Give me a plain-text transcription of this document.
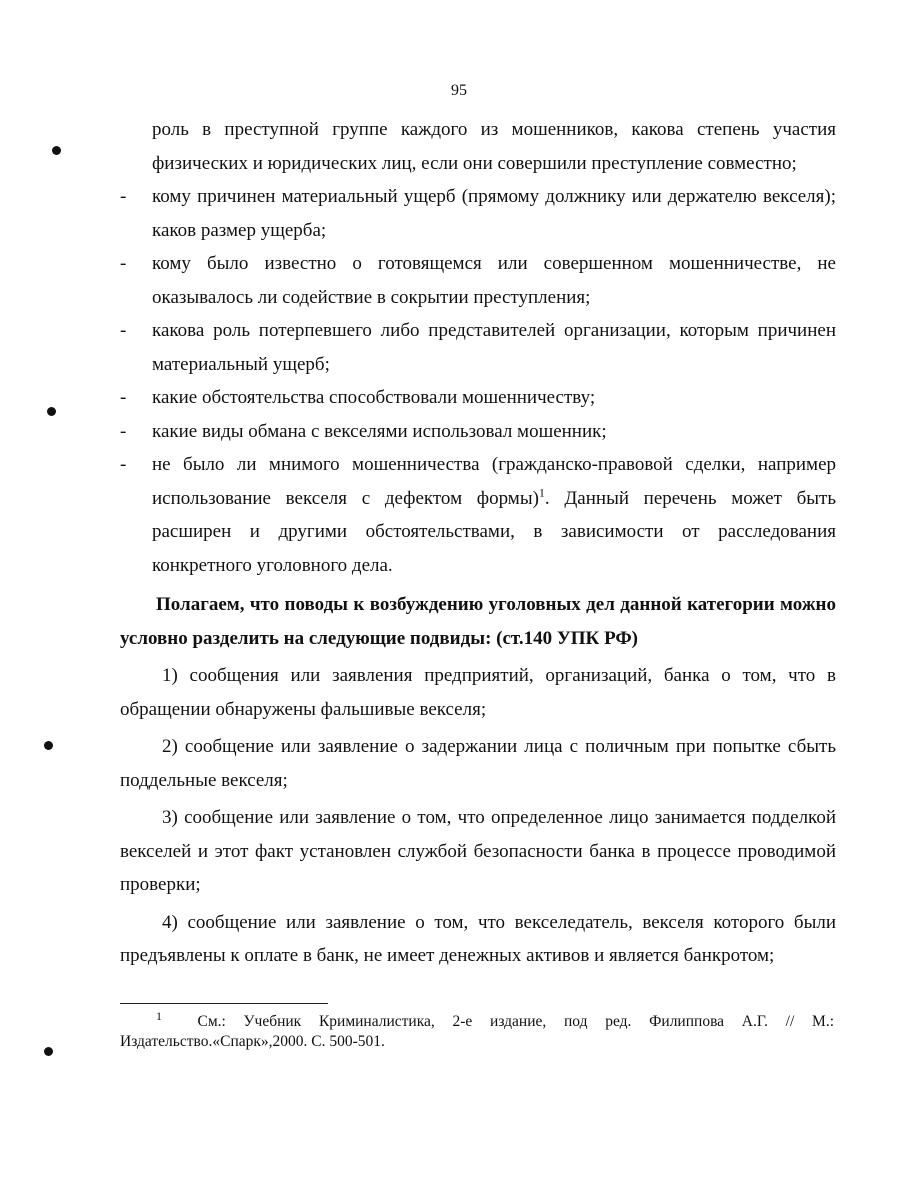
95
роль в преступной группе каждого из мошенников, какова степень участия физических и юридических лиц, если они совершили преступление совместно;
-	кому причинен материальный ущерб (прямому должнику или держателю векселя); каков размер ущерба;
-	кому было известно о готовящемся или совершенном мошенничестве, не оказывалось ли содействие в сокрытии преступления;
-	какова роль потерпевшего либо представителей организации, которым причинен материальный ущерб;
-	какие обстоятельства способствовали мошенничеству;
-	какие виды обмана с векселями использовал мошенник;
-	не было ли мнимого мошенничества (гражданско-правовой сделки, например использование векселя с дефектом формы)$^1$. Данный перечень может быть расширен и другими обстоятельствами, в зависимости от расследования конкретного уголовного дела.
Полагаем, что поводы к возбуждению уголовных дел данной категории можно условно разделить на следующие подвиды: (ст.140 УПК РФ)
1) сообщения или заявления предприятий, организаций, банка о том, что в обращении обнаружены фальшивые векселя;
2) сообщение или заявление о задержании лица с поличным при попытке сбыть поддельные векселя;
3) сообщение или заявление о том, что определенное лицо занимается подделкой векселей и этот факт установлен службой безопасности банка в процессе проводимой проверки;
4) сообщение или заявление о том, что векселедатель, векселя которого были предъявлены к оплате в банк, не имеет денежных активов и является банкротом;
$^1$ См.: Учебник Криминалистика, 2-е издание, под ред. Филиппова А.Г. // М.: Издательство.«Спарк»,2000. С. 500-501.
